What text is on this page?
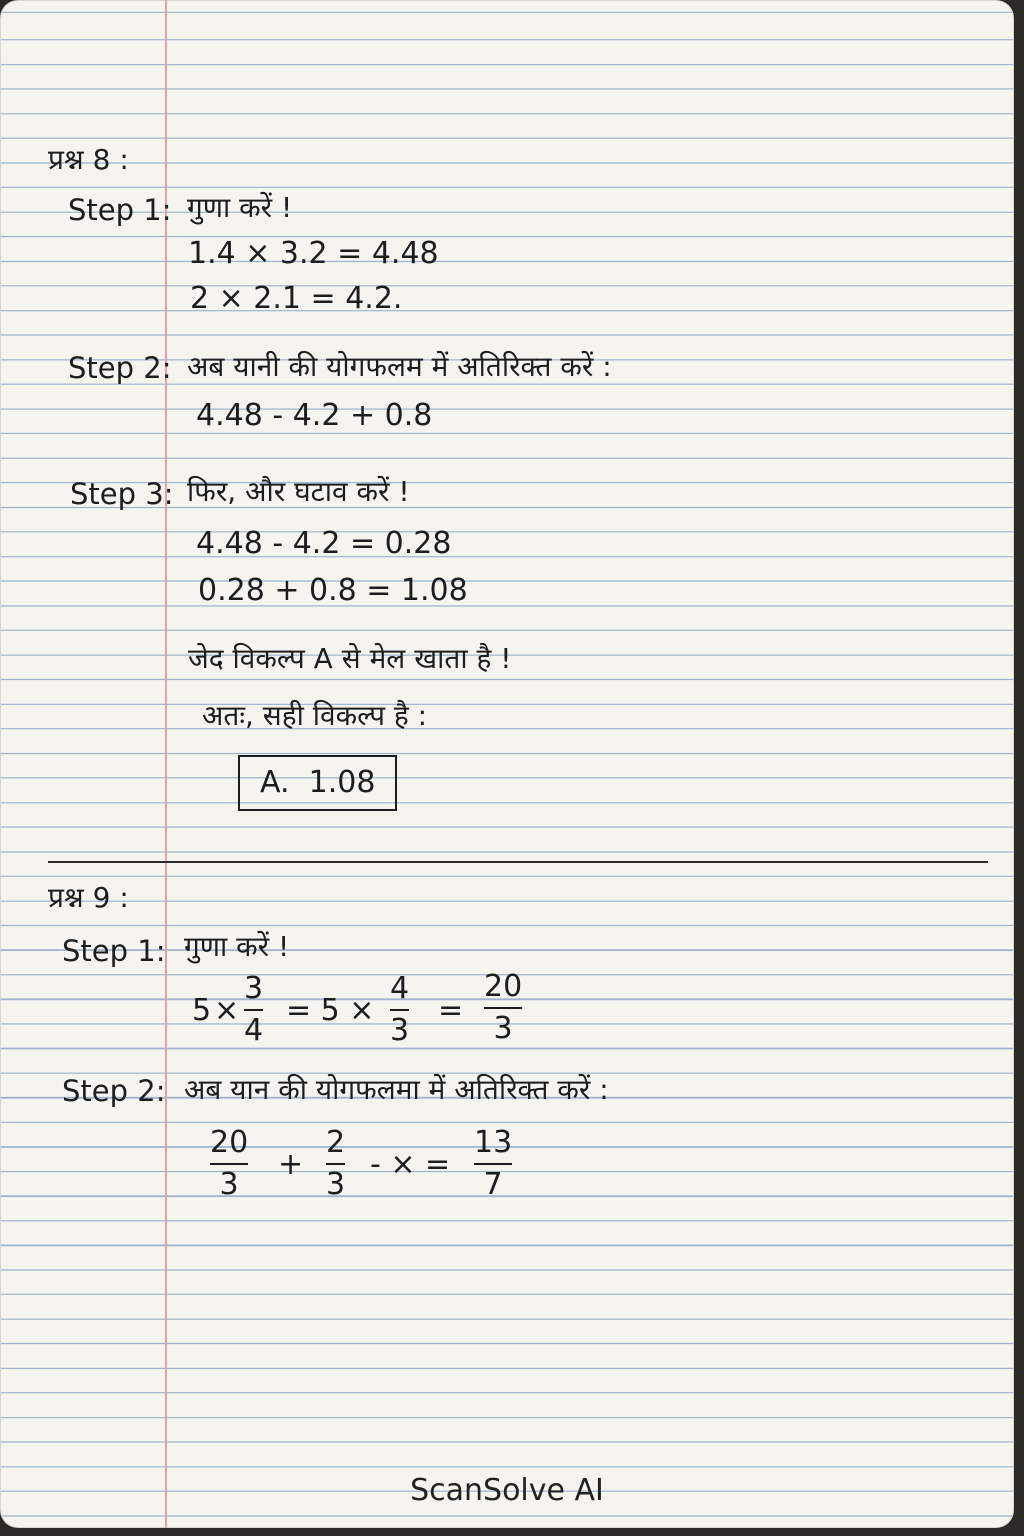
प्रश्न 8 :
Step 1: गुणा करें !
1.4 × 3.2 = 4.48
2 × 2.1 = 4.2.
Step 2: अब यानी की योगफलम में अतिरिक्त करें :
4.48 - 4.2 + 0.8
Step 3: फिर, और घटाव करें !
4.48 - 4.2 = 0.28
0.28 + 0.8 = 1.08
जेद विकल्प A से मेल खाता है !
अतः, सही विकल्प है :
A.  1.08
प्रश्न 9 :
Step 1: गुणा करें !
5 ×
3
4
= 5 ×
4
3
=
20
3
Step 2: अब यान की योगफलमा में अतिरिक्त करें :
20
3
+
2
3
- × =
13
7
ScanSolve AI
